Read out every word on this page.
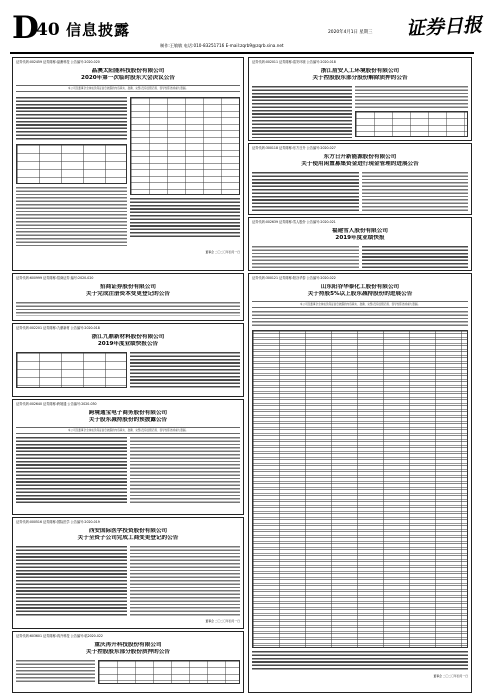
D
40 信息披露	2020年4月1日 星期三
制作:王敏敏 电话:010-83251716 E-mail:zqrb9@zqrb.sina.net
证券日报
证券代码:002459 证券简称:晶澳科技 公告编号:2020-020
晶澳太阳能科技股份有限公司
2020年第一次临时股东大会决议公告
本公司及董事会全体成员保证信息披露的内容真实、准确、完整,没有虚假记载、误导性陈述或重大遗漏。
董事会 二〇二〇年四月一日
证券代码:600999 证券简称:招商证券 编号:2020-020
招商证券股份有限公司
关于完成注册资本变更登记的公告
证券代码:002201 证券简称:九鼎新材 公告编号:2020-018
浙江九鼎新材料股份有限公司
2019年度业绩快报公告
证券代码:002640 证券简称:跨境通 公告编号:2020-030
跨境通宝电子商务股份有限公司
关于股东减持股份的预披露公告
本公司及董事会全体成员保证信息披露的内容真实、准确、完整,没有虚假记载、误导性陈述或重大遗漏。
证券代码:000516 证券简称:国际医学 公告编号:2020-019
西安国际医学投资股份有限公司
关于全资子公司完成工商变更登记的公告
董事会 二〇二〇年四月一日
证券代码:603601 证券简称:再升科技 公告编号:临2020-022
重庆再升科技股份有限公司
关于控股股东部分股份质押的公告
证券代码:002011 证券简称:盾安环境 公告编号:2020-018
浙江盾安人工环境股份有限公司
关于控股股东部分股份解除质押的公告
证券代码:300118 证券简称:东方日升 公告编号:2020-027
东方日升新能源股份有限公司
关于使用闲置募集资金进行现金管理的进展公告
证券代码:002639 证券简称:雪人股份 公告编号:2020-021
福建雪人股份有限公司
2019年度业绩快报
证券代码:300121 证券简称:阳谷华泰 公告编号:2020-022
山东阳谷华泰化工股份有限公司
关于持股5%以上股东减持股份的进展公告
本公司及董事会全体成员保证信息披露的内容真实、准确、完整,没有虚假记载、误导性陈述或重大遗漏。
董事会 二〇二〇年四月一日
